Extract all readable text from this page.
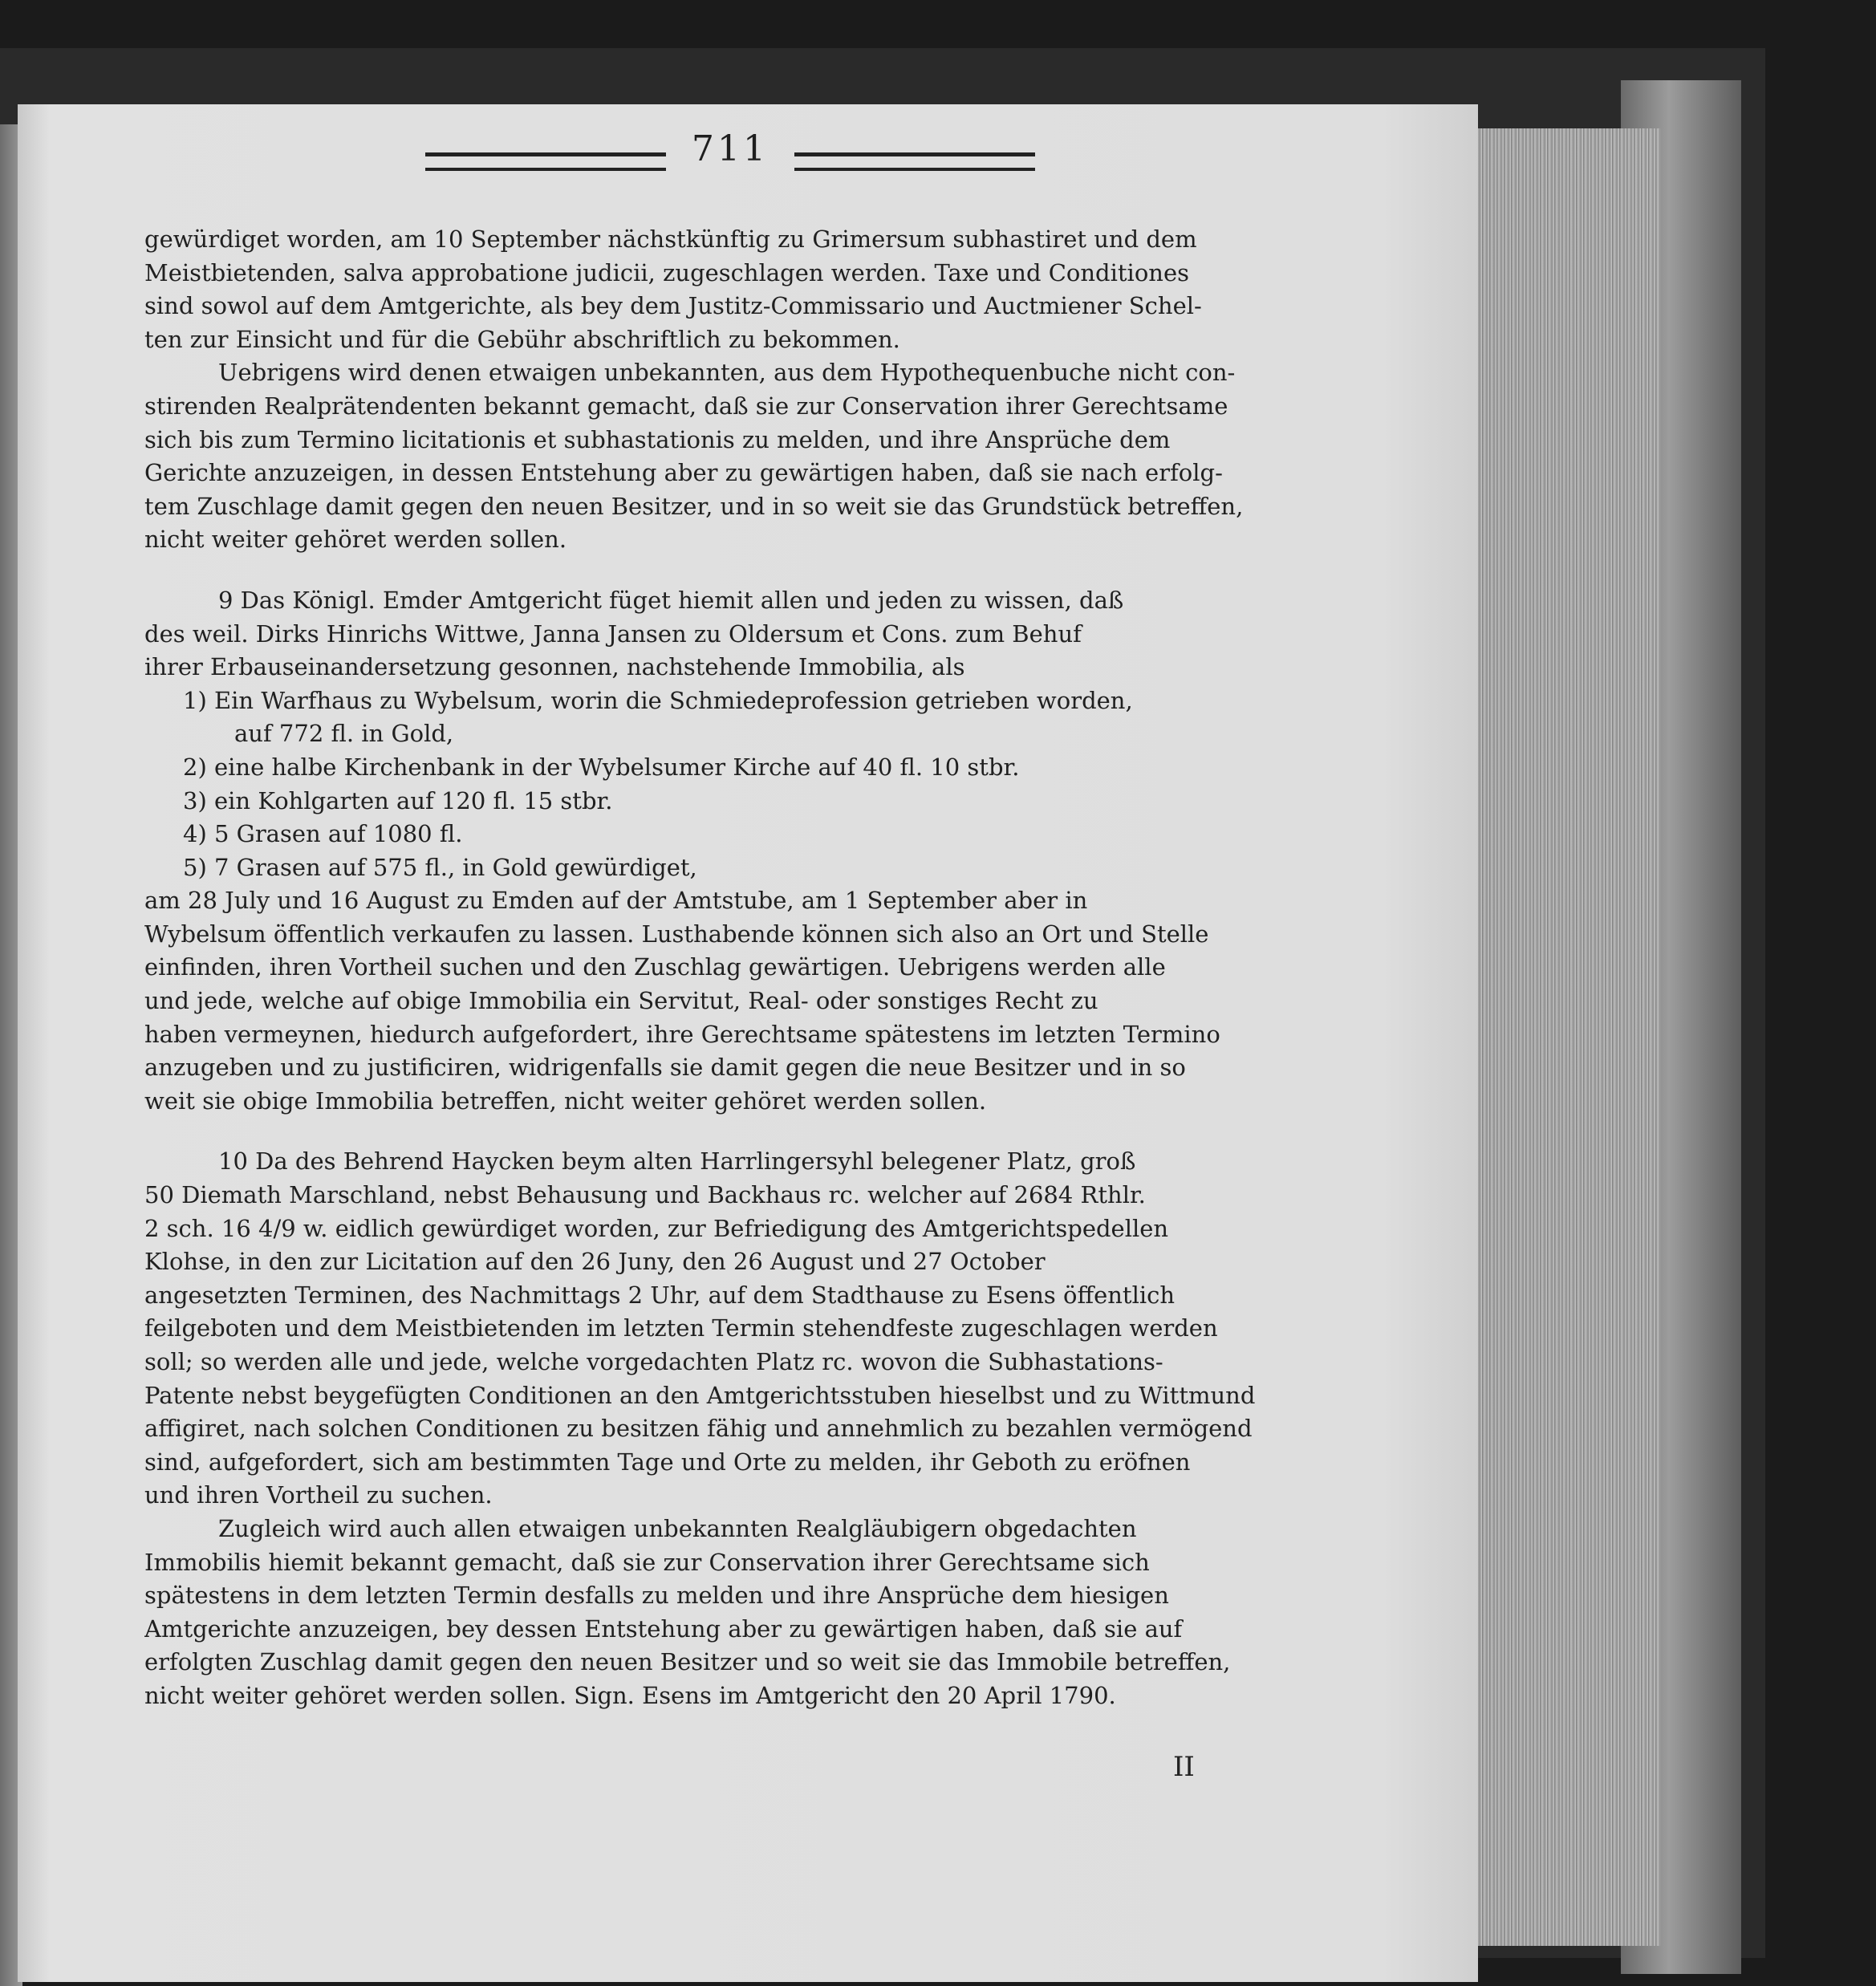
711
gewürdiget worden, am 10 September nächstkünftig zu Grimersum subhastiret und dem
Meistbietenden, salva approbatione judicii, zugeschlagen werden. Taxe und Conditiones
sind sowol auf dem Amtgerichte, als bey dem Justitz-Commissario und Auctmiener Schel-
ten zur Einsicht und für die Gebühr abschriftlich zu bekommen.
Uebrigens wird denen etwaigen unbekannten, aus dem Hypothequenbuche nicht con-
stirenden Realprätendenten bekannt gemacht, daß sie zur Conservation ihrer Gerechtsame
sich bis zum Termino licitationis et subhastationis zu melden, und ihre Ansprüche dem
Gerichte anzuzeigen, in dessen Entstehung aber zu gewärtigen haben, daß sie nach erfolg-
tem Zuschlage damit gegen den neuen Besitzer, und in so weit sie das Grundstück betreffen,
nicht weiter gehöret werden sollen.
9 Das Königl. Emder Amtgericht füget hiemit allen und jeden zu wissen, daß
des weil. Dirks Hinrichs Wittwe, Janna Jansen zu Oldersum et Cons. zum Behuf
ihrer Erbauseinandersetzung gesonnen, nachstehende Immobilia, als
1) Ein Warfhaus zu Wybelsum, worin die Schmiedeprofession getrieben worden,
auf 772 fl. in Gold,
2) eine halbe Kirchenbank in der Wybelsumer Kirche auf 40 fl. 10 stbr.
3) ein Kohlgarten auf 120 fl. 15 stbr.
4) 5 Grasen auf 1080 fl.
5) 7 Grasen auf 575 fl., in Gold gewürdiget,
am 28 July und 16 August zu Emden auf der Amtstube, am 1 September aber in
Wybelsum öffentlich verkaufen zu lassen. Lusthabende können sich also an Ort und Stelle
einfinden, ihren Vortheil suchen und den Zuschlag gewärtigen. Uebrigens werden alle
und jede, welche auf obige Immobilia ein Servitut, Real- oder sonstiges Recht zu
haben vermeynen, hiedurch aufgefordert, ihre Gerechtsame spätestens im letzten Termino
anzugeben und zu justificiren, widrigenfalls sie damit gegen die neue Besitzer und in so
weit sie obige Immobilia betreffen, nicht weiter gehöret werden sollen.
10 Da des Behrend Haycken beym alten Harrlingersyhl belegener Platz, groß
50 Diemath Marschland, nebst Behausung und Backhaus rc. welcher auf 2684 Rthlr.
2 sch. 16 4/9 w. eidlich gewürdiget worden, zur Befriedigung des Amtgerichtspedellen
Klohse, in den zur Licitation auf den 26 Juny, den 26 August und 27 October
angesetzten Terminen, des Nachmittags 2 Uhr, auf dem Stadthause zu Esens öffentlich
feilgeboten und dem Meistbietenden im letzten Termin stehendfeste zugeschlagen werden
soll; so werden alle und jede, welche vorgedachten Platz rc. wovon die Subhastations-
Patente nebst beygefügten Conditionen an den Amtgerichtsstuben hieselbst und zu Wittmund
affigiret, nach solchen Conditionen zu besitzen fähig und annehmlich zu bezahlen vermögend
sind, aufgefordert, sich am bestimmten Tage und Orte zu melden, ihr Geboth zu eröfnen
und ihren Vortheil zu suchen.
Zugleich wird auch allen etwaigen unbekannten Realgläubigern obgedachten
Immobilis hiemit bekannt gemacht, daß sie zur Conservation ihrer Gerechtsame sich
spätestens in dem letzten Termin desfalls zu melden und ihre Ansprüche dem hiesigen
Amtgerichte anzuzeigen, bey dessen Entstehung aber zu gewärtigen haben, daß sie auf
erfolgten Zuschlag damit gegen den neuen Besitzer und so weit sie das Immobile betreffen,
nicht weiter gehöret werden sollen. Sign. Esens im Amtgericht den 20 April 1790.
II
